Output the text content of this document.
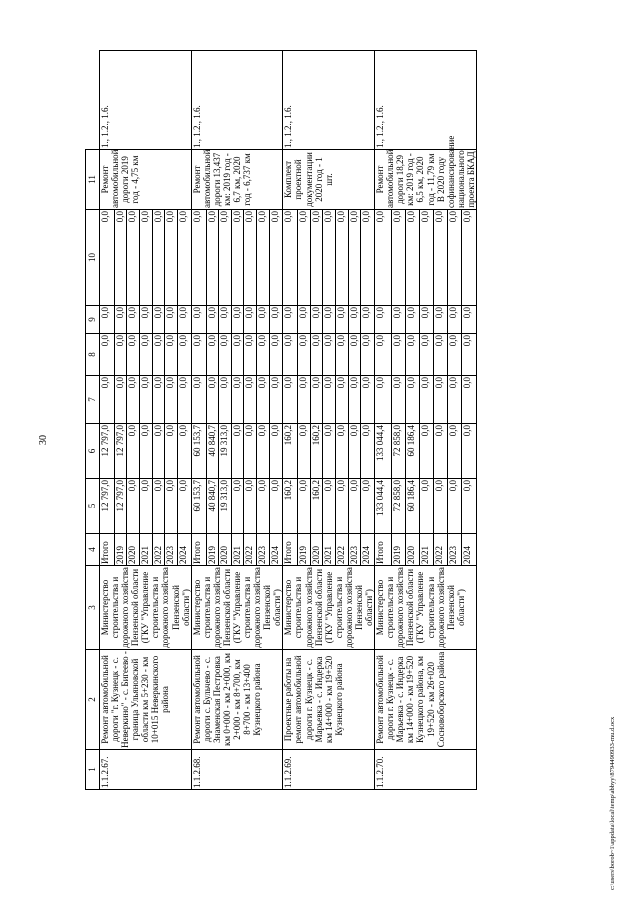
30
1	2	3	4	5	6	7	8	9	10	11	
1.1.2.67.	Ремонт автомобильной дороги "г. Кузнецк - с. Неверкино" - с. Бигеево - граница Ульяновской области км 5+230 - км 10+015 Неверкинского района	Министерство строительства и дорожного хозяйства Пензенской области (ГКУ "Управление строительства и дорожного хозяйства Пензенской области")	Итого	12 797,0	12 797,0	0,0	0,0	0,0	0,0	Ремонт автомобильной дороги 2019 год - 4,75 км	1., 1.2., 1.6.
			2019	12 797,0	12 797,0	0,0	0,0	0,0	0,0		
			2020	0,0	0,0	0,0	0,0	0,0	0,0		
			2021	0,0	0,0	0,0	0,0	0,0	0,0		
			2022	0,0	0,0	0,0	0,0	0,0	0,0		
			2023	0,0	0,0	0,0	0,0	0,0	0,0		
			2024	0,0	0,0	0,0	0,0	0,0	0,0		
1.1.2.68.	Ремонт автомобильной дороги с. Бульчево - с. Знаменская Пестровка км 0+000 - км 2+000, км 2+000 - км 8+700, км 8+700 - км 13+400 Кузнецкого района	Министерство строительства и дорожного хозяйства Пензенской области (ГКУ "Управление строительства и дорожного хозяйства Пензенской области")	Итого	60 153,7	60 153,7	0,0	0,0	0,0	0,0	Ремонт автомобильной дороги 13,437 км: 2019 год - 6,7 км, 2020 год - 6,737 км	1., 1.2., 1.6.
			2019	40 840,7	40 840,7	0,0	0,0	0,0	0,0		
			2020	19 313,0	19 313,0	0,0	0,0	0,0	0,0		
			2021	0,0	0,0	0,0	0,0	0,0	0,0		
			2022	0,0	0,0	0,0	0,0	0,0	0,0		
			2023	0,0	0,0	0,0	0,0	0,0	0,0		
			2024	0,0	0,0	0,0	0,0	0,0	0,0		
1.1.2.69.	Проектные работы на ремонт автомобильной дороги г. Кузнецк - с. Марьевка - с. Индерка км 14+000 - км 19+520 Кузнецкого района	Министерство строительства и дорожного хозяйства Пензенской области (ГКУ "Управление строительства и дорожного хозяйства Пензенской области")	Итого	160,2	160,2	0,0	0,0	0,0	0,0	Комплект проектной документации 2020 год - 1 шт.	1., 1.2., 1.6.
			2019	0,0	0,0	0,0	0,0	0,0	0,0		
			2020	160,2	160,2	0,0	0,0	0,0	0,0		
			2021	0,0	0,0	0,0	0,0	0,0	0,0		
			2022	0,0	0,0	0,0	0,0	0,0	0,0		
			2023	0,0	0,0	0,0	0,0	0,0	0,0		
			2024	0,0	0,0	0,0	0,0	0,0	0,0		
1.1.2.70.	Ремонт автомобильной дороги г. Кузнецк - с. Марьевка - с. Индерка км 14+000 - км 19+520 Кузнецкого района, км 19+520 - км 26+020 Сосновоборского района	Министерство строительства и дорожного хозяйства Пензенской области (ГКУ "Управление строительства и дорожного хозяйства Пензенской области")	Итого	133 044,4	133 044,4	0,0	0,0	0,0	0,0	Ремонт автомобильной дороги 18,29 км: 2019 год - 6,5 км, 2020 год - 11,79 км В 2020 году софинансирование национального проекта БКАД	1., 1.2., 1.6.
			2019	72 858,0	72 858,0	0,0	0,0	0,0	0,0		
			2020	60 186,4	60 186,4	0,0	0,0	0,0	0,0		
			2021	0,0	0,0	0,0	0,0	0,0	0,0		
			2022	0,0	0,0	0,0	0,0	0,0	0,0		
			2023	0,0	0,0	0,0	0,0	0,0	0,0		
			2024	0,0	0,0	0,0	0,0	0,0	0,0		
c:\users\borob~1\appdata\local\temp\abbyy\8794490933-mu.d.ocx
